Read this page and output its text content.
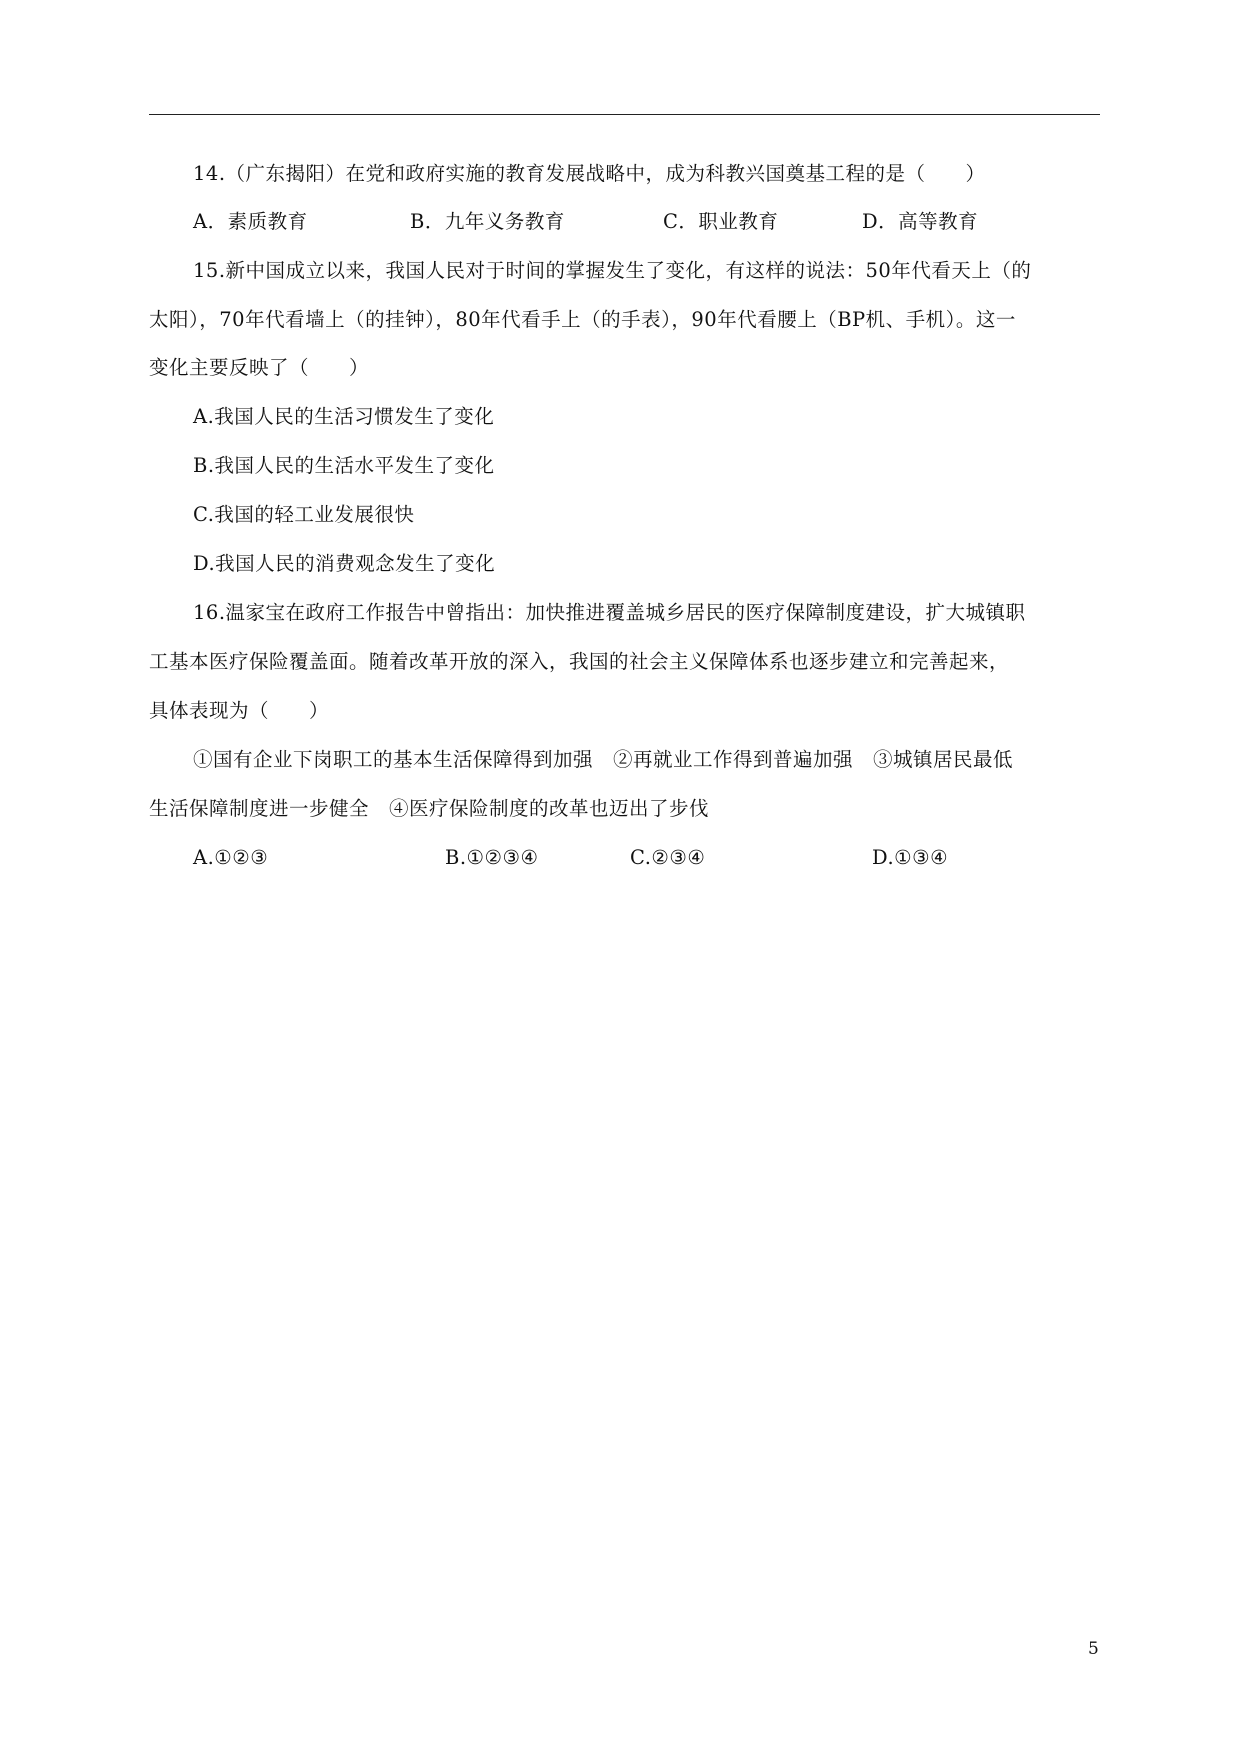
14.（广东揭阳）在党和政府实施的教育发展战略中，成为科教兴国奠基工程的是（　　）
A．素质教育	B．九年义务教育	C．职业教育	D．高等教育
15.新中国成立以来，我国人民对于时间的掌握发生了变化，有这样的说法：50年代看天上（的
太阳），70年代看墙上（的挂钟），80年代看手上（的手表），90年代看腰上（BP机、手机）。这一
变化主要反映了（　　）
A.我国人民的生活习惯发生了变化
B.我国人民的生活水平发生了变化
C.我国的轻工业发展很快
D.我国人民的消费观念发生了变化
16.温家宝在政府工作报告中曾指出：加快推进覆盖城乡居民的医疗保障制度建设，扩大城镇职
工基本医疗保险覆盖面。随着改革开放的深入，我国的社会主义保障体系也逐步建立和完善起来，
具体表现为（　　）
①国有企业下岗职工的基本生活保障得到加强　②再就业工作得到普遍加强　③城镇居民最低
生活保障制度进一步健全　④医疗保险制度的改革也迈出了步伐
A.①②③	B.①②③④	C.②③④	D.①③④
5
